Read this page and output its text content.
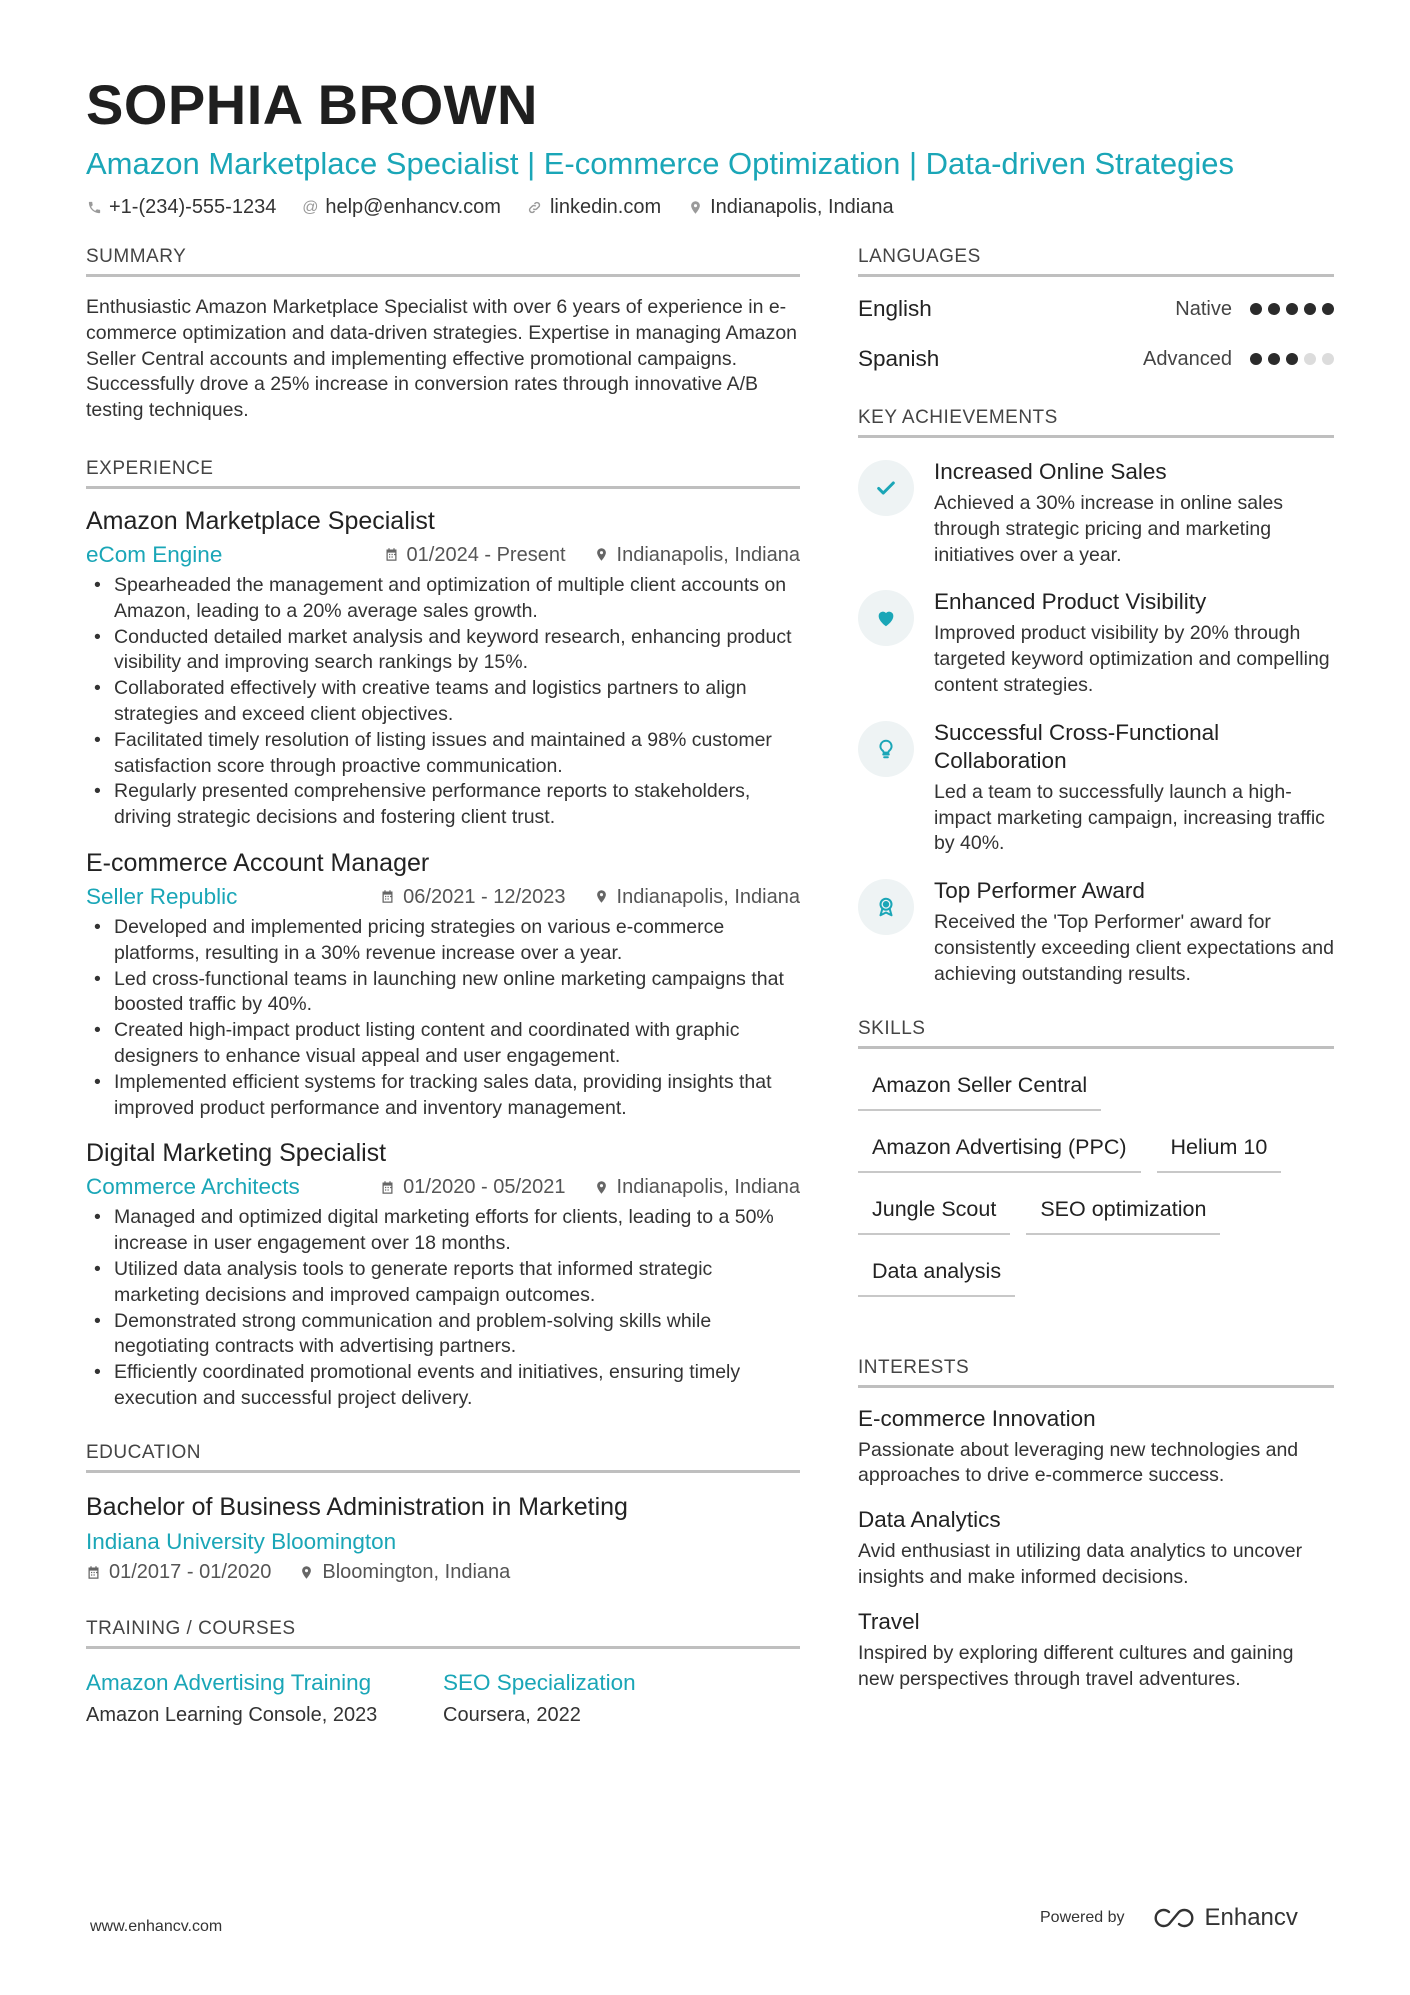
SOPHIA BROWN
Amazon Marketplace Specialist | E-commerce Optimization | Data-driven Strategies
+1-(234)-555-1234 @ help@enhancv.com linkedin.com Indianapolis, Indiana
SUMMARY
Enthusiastic Amazon Marketplace Specialist with over 6 years of experience in e-commerce optimization and data-driven strategies. Expertise in managing Amazon Seller Central accounts and implementing effective promotional campaigns. Successfully drove a 25% increase in conversion rates through innovative A/B testing techniques.
EXPERIENCE
Amazon Marketplace Specialist
eCom Engine	01/2024 - Present	Indianapolis, Indiana
• Spearheaded the management and optimization of multiple client accounts on Amazon, leading to a 20% average sales growth.
• Conducted detailed market analysis and keyword research, enhancing product visibility and improving search rankings by 15%.
• Collaborated effectively with creative teams and logistics partners to align strategies and exceed client objectives.
• Facilitated timely resolution of listing issues and maintained a 98% customer satisfaction score through proactive communication.
• Regularly presented comprehensive performance reports to stakeholders, driving strategic decisions and fostering client trust.
E-commerce Account Manager
Seller Republic	06/2021 - 12/2023	Indianapolis, Indiana
• Developed and implemented pricing strategies on various e-commerce platforms, resulting in a 30% revenue increase over a year.
• Led cross-functional teams in launching new online marketing campaigns that boosted traffic by 40%.
• Created high-impact product listing content and coordinated with graphic designers to enhance visual appeal and user engagement.
• Implemented efficient systems for tracking sales data, providing insights that improved product performance and inventory management.
Digital Marketing Specialist
Commerce Architects	01/2020 - 05/2021	Indianapolis, Indiana
• Managed and optimized digital marketing efforts for clients, leading to a 50% increase in user engagement over 18 months.
• Utilized data analysis tools to generate reports that informed strategic marketing decisions and improved campaign outcomes.
• Demonstrated strong communication and problem-solving skills while negotiating contracts with advertising partners.
• Efficiently coordinated promotional events and initiatives, ensuring timely execution and successful project delivery.
EDUCATION
Bachelor of Business Administration in Marketing
Indiana University Bloomington
01/2017 - 01/2020	Bloomington, Indiana
TRAINING / COURSES
Amazon Advertising Training
Amazon Learning Console, 2023
SEO Specialization
Coursera, 2022
LANGUAGES
English	Native
Spanish	Advanced
KEY ACHIEVEMENTS
Increased Online Sales
Achieved a 30% increase in online sales through strategic pricing and marketing initiatives over a year.
Enhanced Product Visibility
Improved product visibility by 20% through targeted keyword optimization and compelling content strategies.
Successful Cross-Functional Collaboration
Led a team to successfully launch a high-impact marketing campaign, increasing traffic by 40%.
Top Performer Award
Received the 'Top Performer' award for consistently exceeding client expectations and achieving outstanding results.
SKILLS
Amazon Seller Central
Amazon Advertising (PPC)	Helium 10
Jungle Scout	SEO optimization
Data analysis
INTERESTS
E-commerce Innovation
Passionate about leveraging new technologies and approaches to drive e-commerce success.
Data Analytics
Avid enthusiast in utilizing data analytics to uncover insights and make informed decisions.
Travel
Inspired by exploring different cultures and gaining new perspectives through travel adventures.
www.enhancv.com
Powered by	Enhancv
